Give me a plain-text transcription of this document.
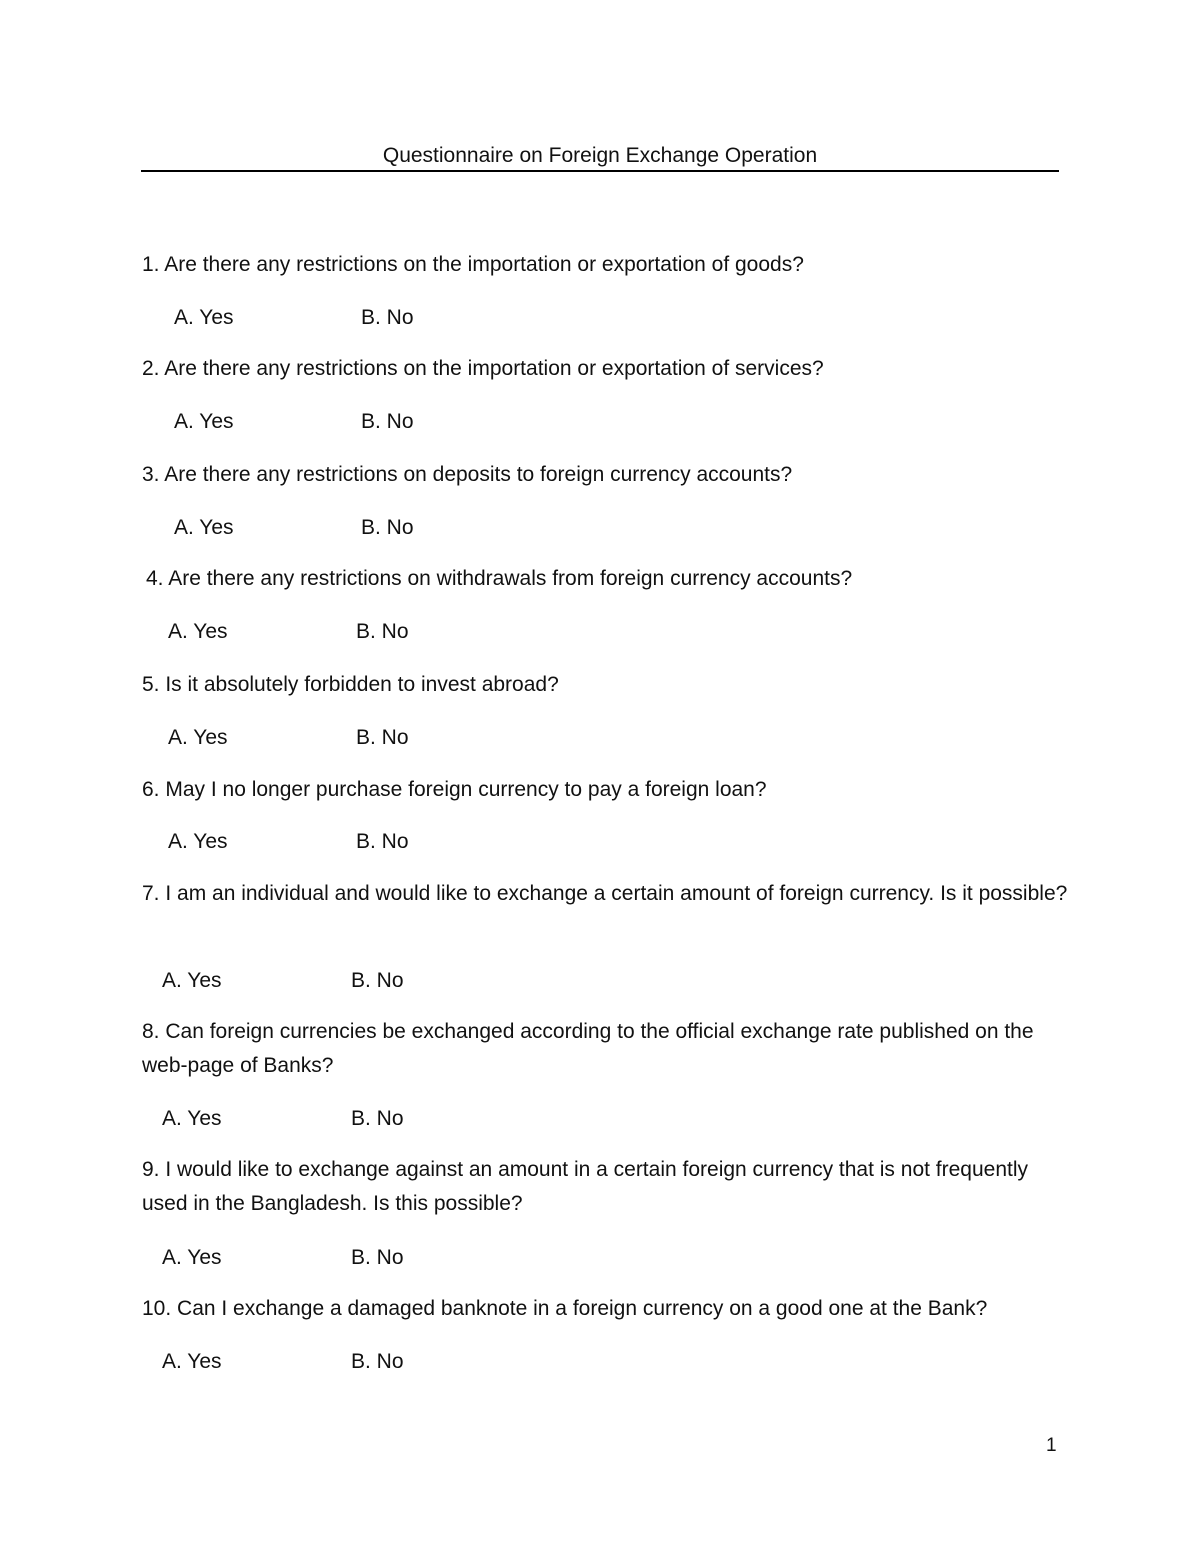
Questionnaire on Foreign Exchange Operation
1. Are there any restrictions on the importation or exportation of goods?
A. Yes	B. No
2. Are there any restrictions on the importation or exportation of services?
A. Yes	B. No
3. Are there any restrictions on deposits to foreign currency accounts?
A. Yes	B. No
4. Are there any restrictions on withdrawals from foreign currency accounts?
A. Yes	B. No
5. Is it absolutely forbidden to invest abroad?
A. Yes	B. No
6. May I no longer purchase foreign currency to pay a foreign loan?
A. Yes	B. No
7. I am an individual and would like to exchange a certain amount of foreign currency. Is it possible?
A. Yes	B. No
8. Can foreign currencies be exchanged according to the official exchange rate published on the web-page of Banks?
A. Yes	B. No
9. I would like to exchange against an amount in a certain foreign currency that is not frequently used in the Bangladesh. Is this possible?
A. Yes	B. No
10. Can I exchange a damaged banknote in a foreign currency on a good one at the Bank?
A. Yes	B. No
1
